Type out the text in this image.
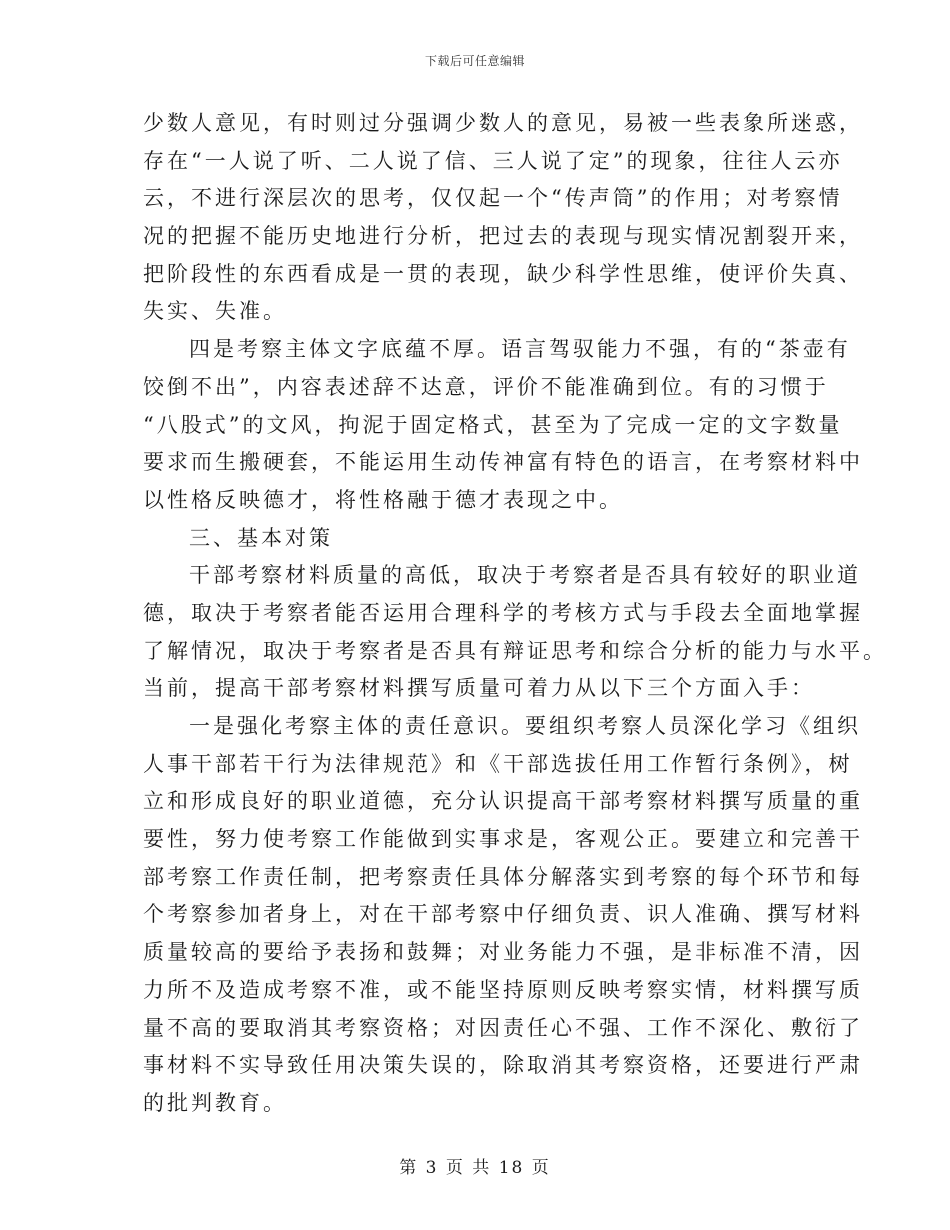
下载后可任意编辑
少数人意见，有时则过分强调少数人的意见，易被一些表象所迷惑，
存在“一人说了听、二人说了信、三人说了定”的现象，往往人云亦
云，不进行深层次的思考，仅仅起一个“传声筒”的作用；对考察情
况的把握不能历史地进行分析，把过去的表现与现实情况割裂开来，
把阶段性的东西看成是一贯的表现，缺少科学性思维，使评价失真、
失实、失准。
四是考察主体文字底蕴不厚。语言驾驭能力不强，有的“茶壶有
饺倒不出”，内容表述辞不达意，评价不能准确到位。有的习惯于
“八股式”的文风，拘泥于固定格式，甚至为了完成一定的文字数量
要求而生搬硬套，不能运用生动传神富有特色的语言，在考察材料中
以性格反映德才，将性格融于德才表现之中。
三、基本对策
干部考察材料质量的高低，取决于考察者是否具有较好的职业道
德，取决于考察者能否运用合理科学的考核方式与手段去全面地掌握
了解情况，取决于考察者是否具有辩证思考和综合分析的能力与水平。
当前，提高干部考察材料撰写质量可着力从以下三个方面入手：
一是强化考察主体的责任意识。要组织考察人员深化学习《组织
人事干部若干行为法律规范》和《干部选拔任用工作暂行条例》，树
立和形成良好的职业道德，充分认识提高干部考察材料撰写质量的重
要性，努力使考察工作能做到实事求是，客观公正。要建立和完善干
部考察工作责任制，把考察责任具体分解落实到考察的每个环节和每
个考察参加者身上，对在干部考察中仔细负责、识人准确、撰写材料
质量较高的要给予表扬和鼓舞；对业务能力不强，是非标准不清，因
力所不及造成考察不准，或不能坚持原则反映考察实情，材料撰写质
量不高的要取消其考察资格；对因责任心不强、工作不深化、敷衍了
事材料不实导致任用决策失误的，除取消其考察资格，还要进行严肃
的批判教育。
第 3 页 共 18 页
